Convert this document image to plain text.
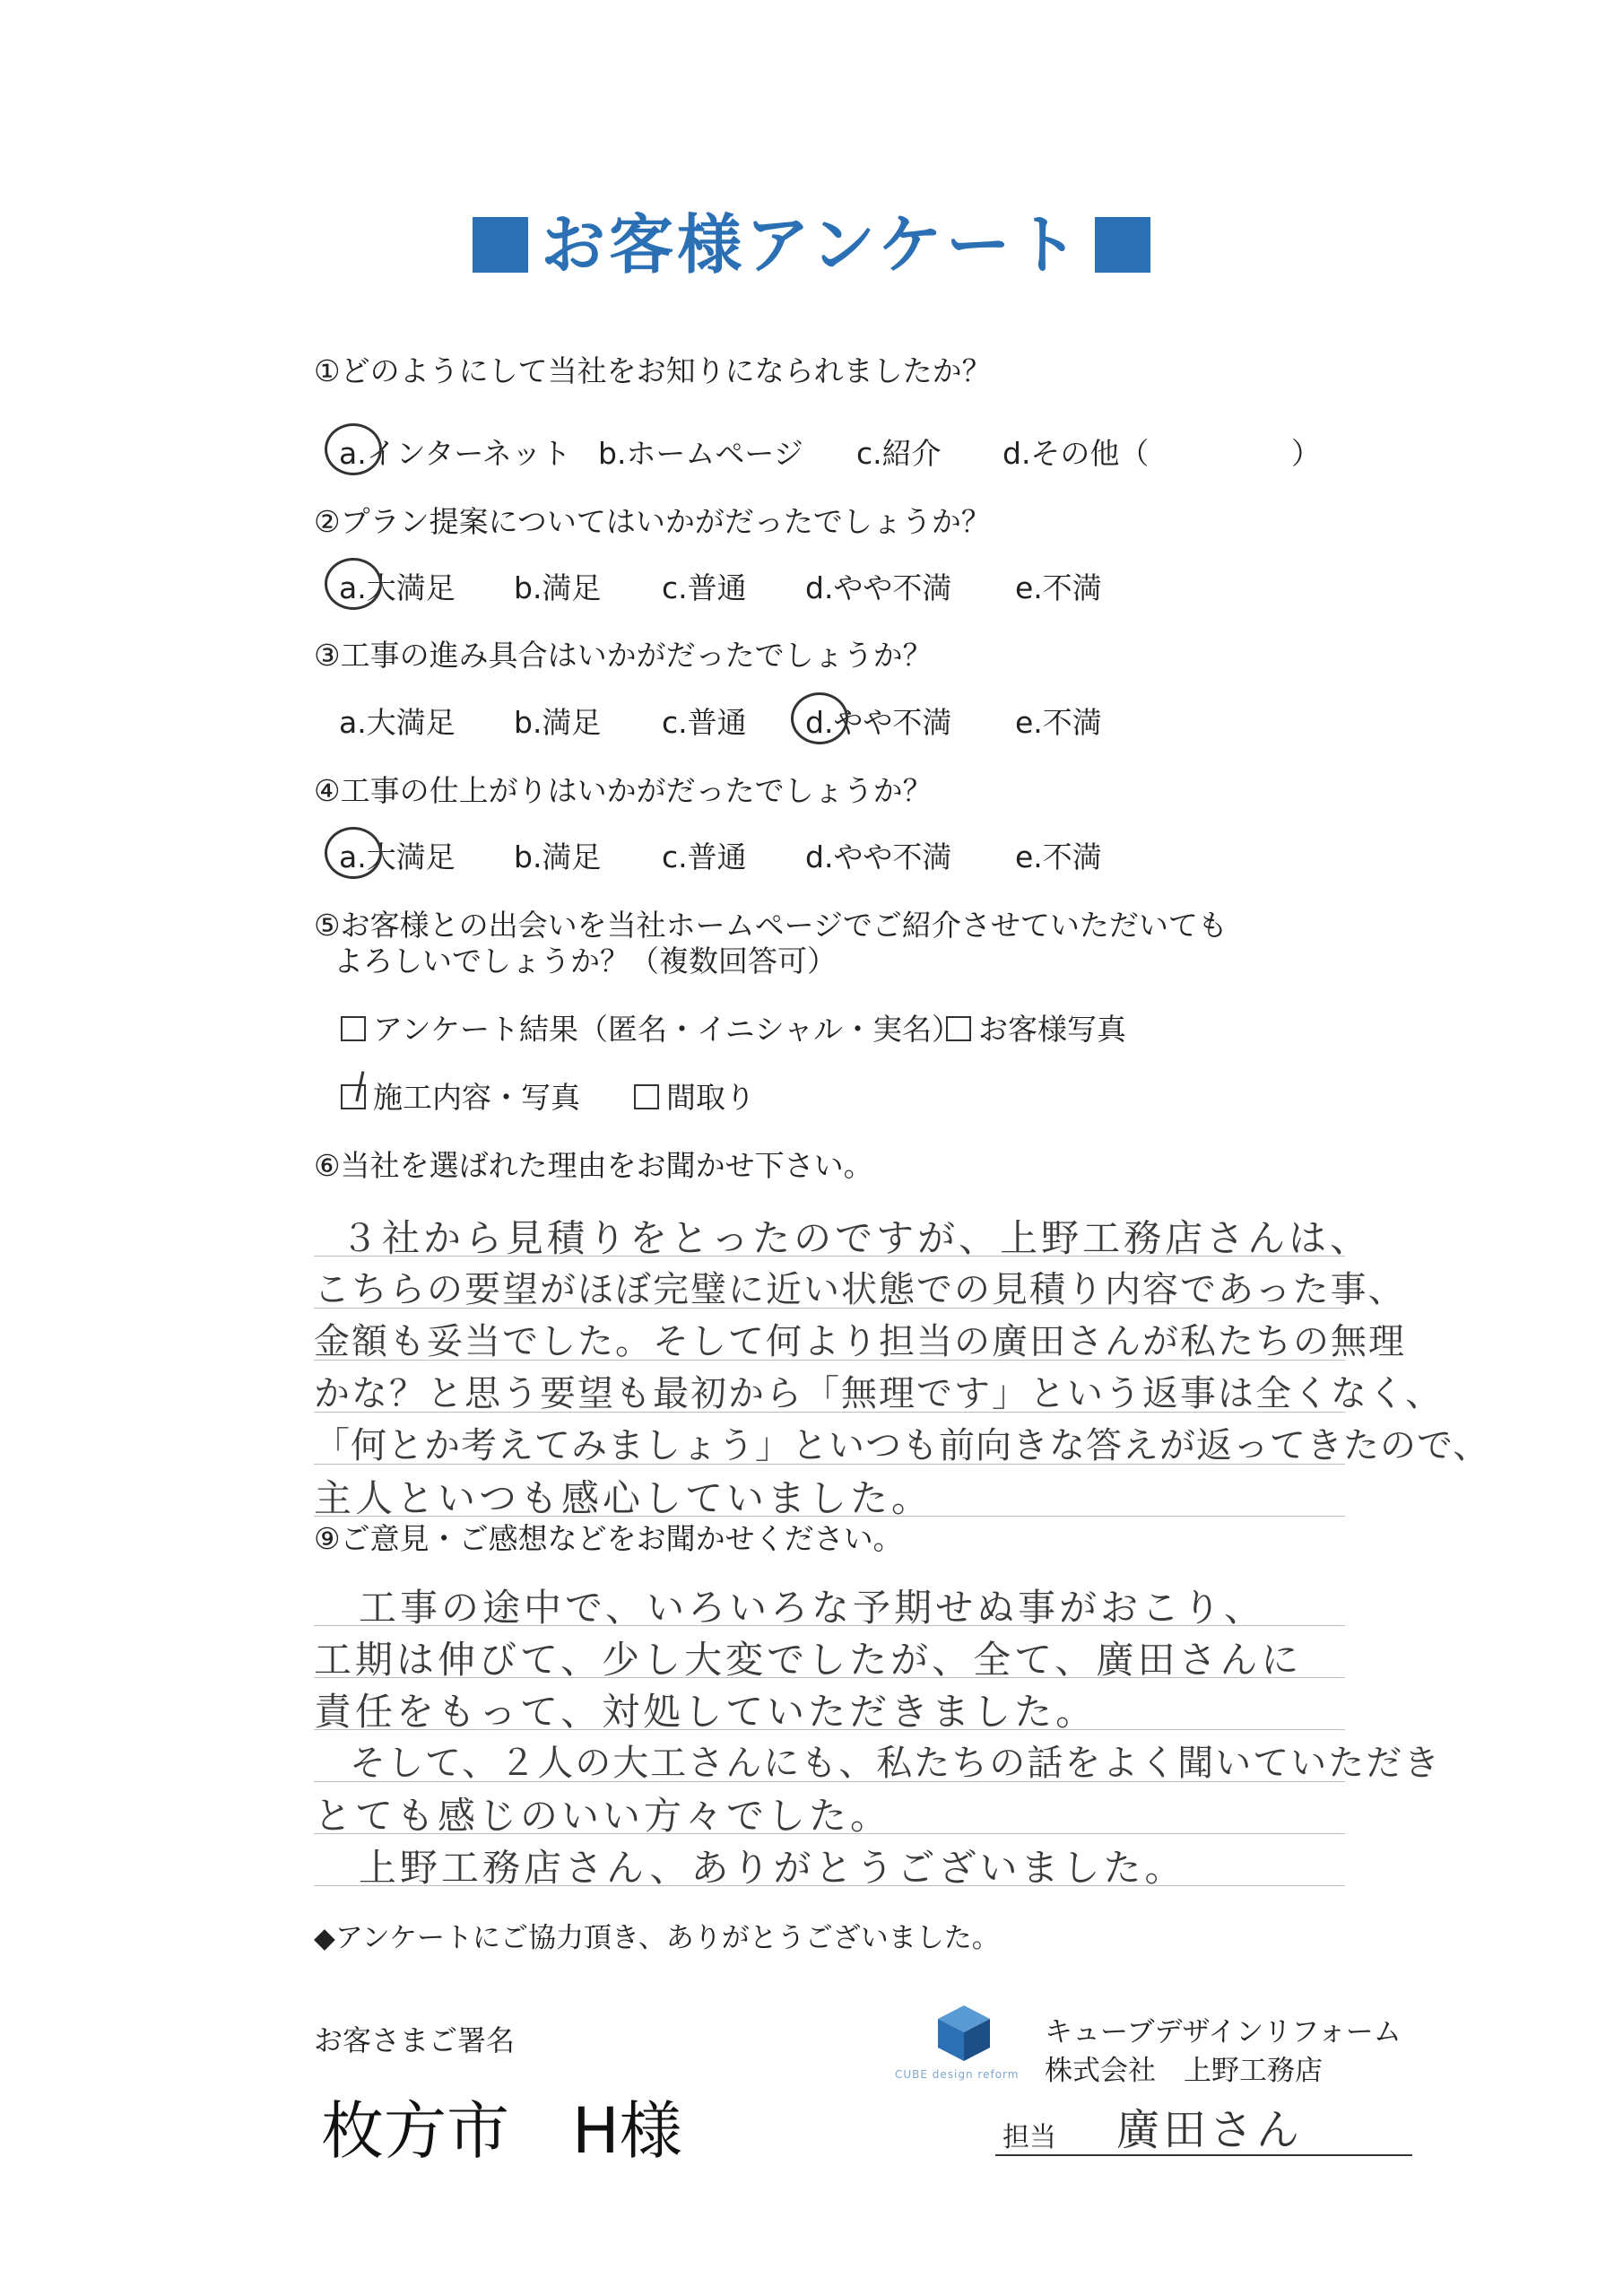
お客様アンケート
①どのようにして当社をお知りになられましたか？
a.インターネット b.ホームページ c.紹介 d.その他（	）
②プラン提案についてはいかがだったでしょうか？
a.大満足 b.満足 c.普通 d.やや不満 e.不満
③工事の進み具合はいかがだったでしょうか？
a.大満足 b.満足 c.普通 d.やや不満 e.不満
④工事の仕上がりはいかがだったでしょうか？
a.大満足 b.満足 c.普通 d.やや不満 e.不満
⑤お客様との出会いを当社ホームページでご紹介させていただいても
よろしいでしょうか？（複数回答可）
アンケート結果（匿名・イニシャル・実名） お客様写真
施工内容・写真	間取り
⑥当社を選ばれた理由をお聞かせ下さい。
３社から見積りをとったのですが、上野工務店さんは、
こちらの要望がほぼ完璧に近い状態での見積り内容であった事、
金額も妥当でした。そして何より担当の廣田さんが私たちの無理
かな？と思う要望も最初から「無理です」という返事は全くなく、
「何とか考えてみましょう」といつも前向きな答えが返ってきたので、
主人といつも感心していました。
⑨ご意見・ご感想などをお聞かせください。
工事の途中で、いろいろな予期せぬ事がおこり、
工期は伸びて、少し大変でしたが、全て、廣田さんに
責任をもって、対処していただきました。
そして、２人の大工さんにも、私たちの話をよく聞いていただき
とても感じのいい方々でした。
上野工務店さん、ありがとうございました。
◆アンケートにご協力頂き、ありがとうございました。
お客さまご署名
枚方市　H様
CUBE design reform
キューブデザインリフォーム
株式会社　上野工務店
担当 廣田さん
